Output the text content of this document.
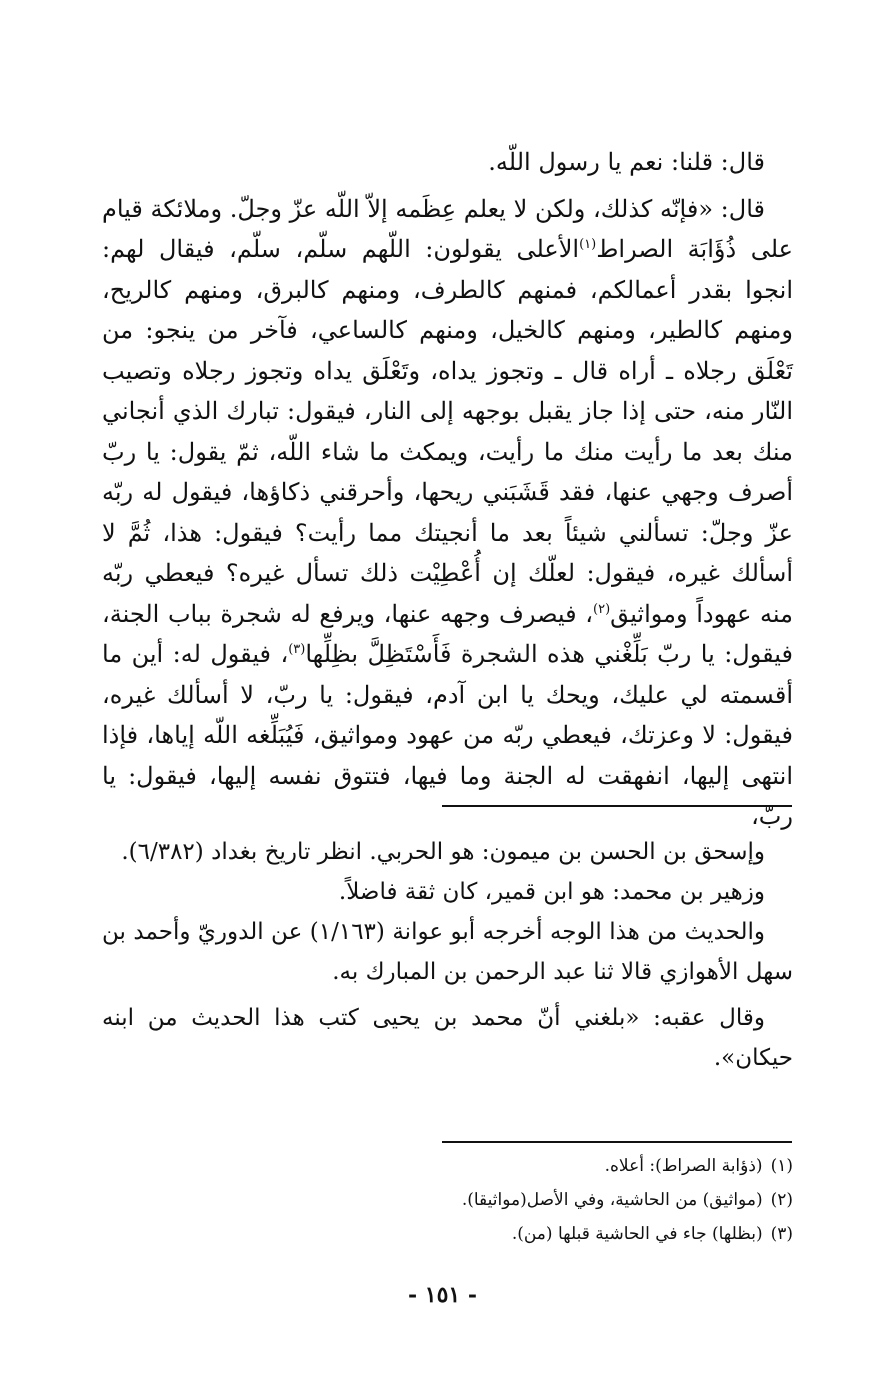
قال: قلنا: نعم يا رسول اللّه.

قال: «فإنّه كذلك، ولكن لا يعلم عِظَمه إلاّ اللّه عزّ وجلّ. وملائكة قيام على ذُؤَابَة الصراط$^{(١)}$الأعلى يقولون: اللّهم سلّم، سلّم، فيقال لهم: انجوا بقدر أعمالكم، فمنهم كالطرف، ومنهم كالبرق، ومنهم كالريح، ومنهم كالطير، ومنهم كالخيل، ومنهم كالساعي، فآخر من ينجو: من تَعْلَق رجلاه ـ أراه قال ـ وتجوز يداه، وتَعْلَق يداه وتجوز رجلاه وتصيب النّار منه، حتى إذا جاز يقبل بوجهه إلى النار، فيقول: تبارك الذي أنجاني منك بعد ما رأيت منك ما رأيت، ويمكث ما شاء اللّه، ثمّ يقول: يا ربّ أصرف وجهي عنها، فقد قَشَبَني ريحها، وأحرقني ذكاؤها، فيقول له ربّه عزّ وجلّ: تسألني شيئاً بعد ما أنجيتك مما رأيت؟ فيقول: هذا، ثُمَّ لا أسألك غيره، فيقول: لعلّك إن أُعْطِيْت ذلك تسأل غيره؟ فيعطي ربّه منه عهوداً ومواثيق$^{(٢)}$، فيصرف وجهه عنها، ويرفع له شجرة بباب الجنة، فيقول: يا ربّ بَلِّغْني هذه الشجرة فَأَسْتَظِلَّ بظِلِّها$^{(٣)}$، فيقول له: أين ما أقسمته لي عليك، ويحك يا ابن آدم، فيقول: يا ربّ، لا أسألك غيره، فيقول: لا وعزتك، فيعطي ربّه من عهود ومواثيق، فَيُبَلِّغه اللّه إياها، فإذا انتهى إليها، انفهقت له الجنة وما فيها، فتتوق نفسه إليها، فيقول: يا ربّ،

وإسحق بن الحسن بن ميمون: هو الحربي. انظر تاريخ بغداد (٦/٣٨٢).

وزهير بن محمد: هو ابن قمير، كان ثقة فاضلاً.

والحديث من هذا الوجه أخرجه أبو عوانة (١/١٦٣) عن الدوريّ وأحمد بن سهل الأهوازي قالا ثنا عبد الرحمن بن المبارك به.

وقال عقبه: «بلغني أنّ محمد بن يحيى كتب هذا الحديث من ابنه حيكان».

(١)(ذؤابة الصراط): أعلاه.
(٢)(مواثيق) من الحاشية، وفي الأصل(مواثيقا).
(٣)(بظلها) جاء في الحاشية قبلها (من).
- ١٥١ -
